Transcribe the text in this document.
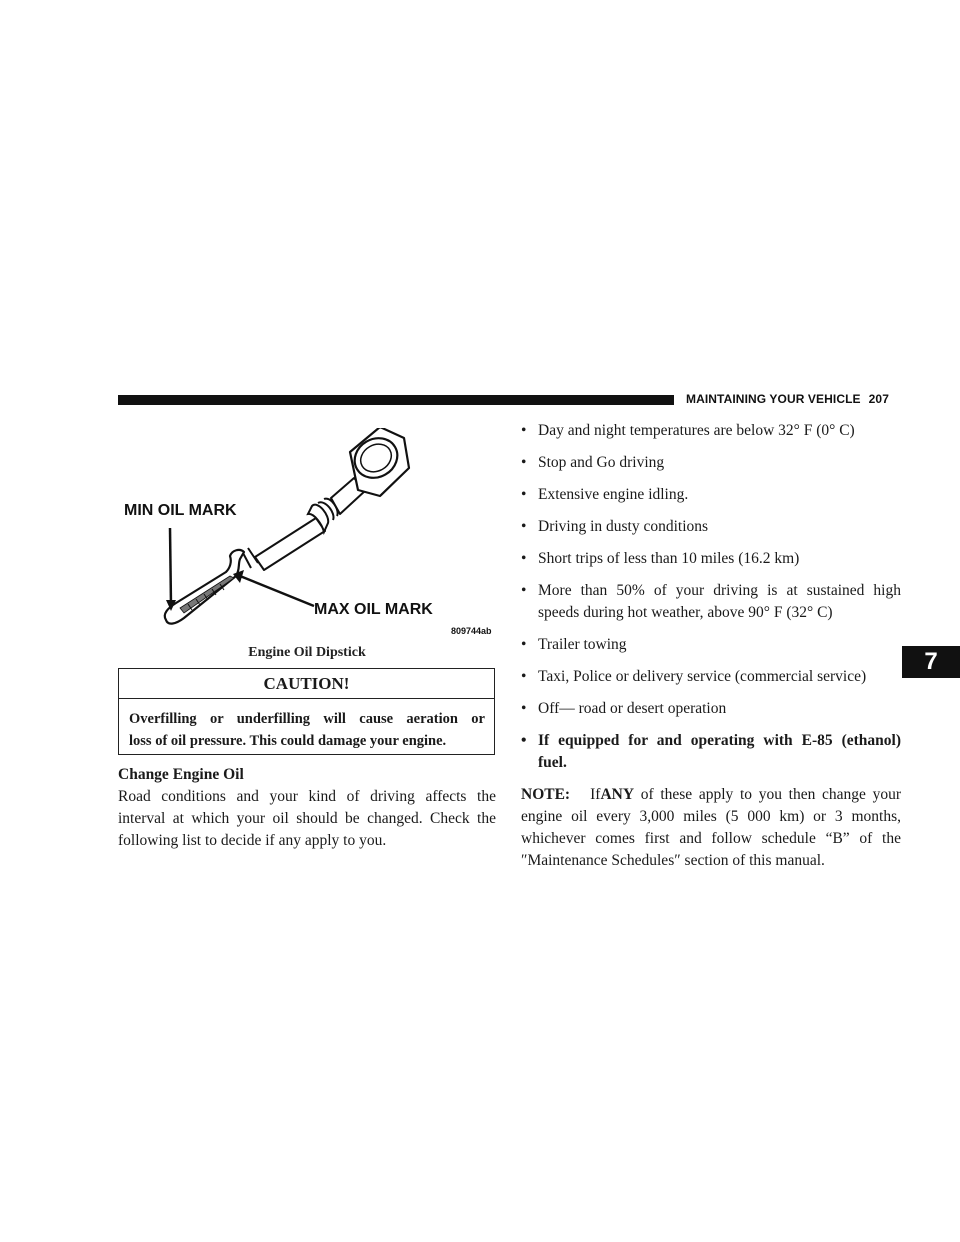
MAINTAINING YOUR VEHICLE 207
7
MIN OIL MARK
MAX OIL MARK
809744ab
Engine Oil Dipstick
CAUTION!
Overfilling or underfilling will cause aeration or
loss of oil pressure. This could damage your engine.
Change Engine Oil
Road conditions and your kind of driving affects the
interval at which your oil should be changed. Check the
following list to decide if any apply to you.
• Day and night temperatures are below 32° F (0° C)
• Stop and Go driving
• Extensive engine idling.
• Driving in dusty conditions
• Short trips of less than 10 miles (16.2 km)
• More than 50% of your driving is at sustained high
speeds during hot weather, above 90° F (32° C)
• Trailer towing
• Taxi, Police or delivery service (commercial service)
• Off— road or desert operation
• If equipped for and operating with E-85 (ethanol)
fuel.
NOTE: IfANY of these apply to you then change your
engine oil every 3,000 miles (5 000 km) or 3 months,
whichever comes first and follow schedule “B” of the
″Maintenance Schedules″ section of this manual.
